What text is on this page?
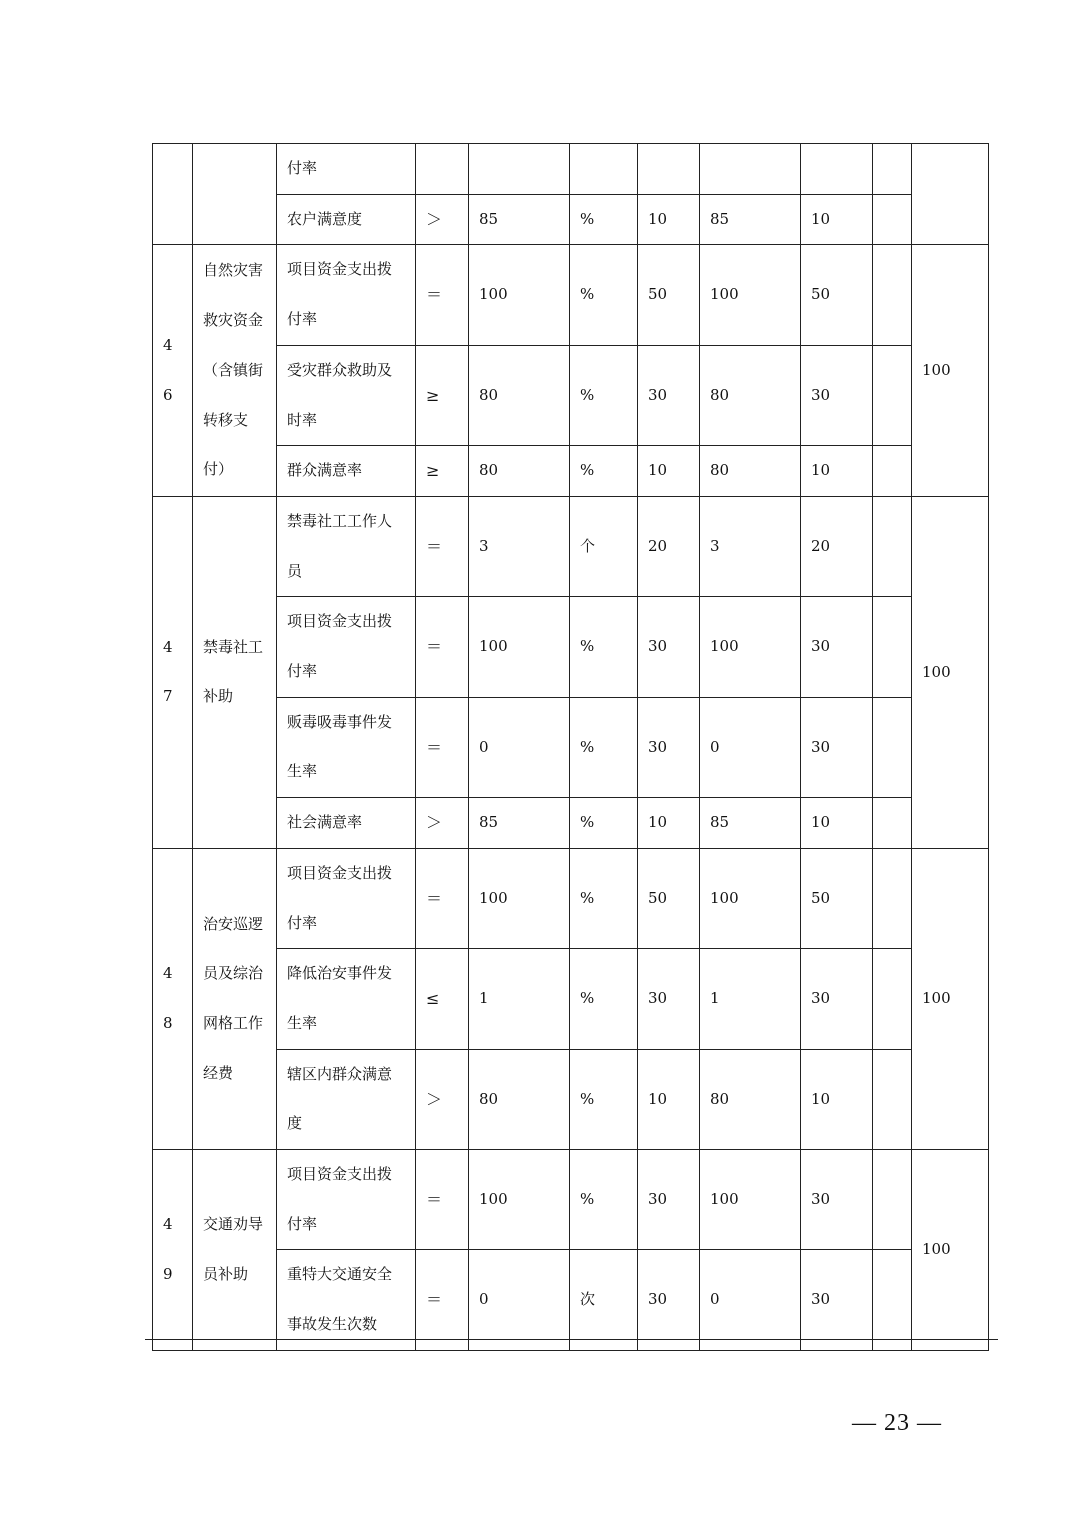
		付率								
		农户满意度	＞	85	%	10	85	10		
46	自然灾害救灾资金（含镇街转移支付）	项目资金支出拨付率	＝	100	%	50	100	50		100
		受灾群众救助及时率	≥	80	%	30	80	30		
		群众满意率	≥	80	%	10	80	10		
47	禁毒社工补助	禁毒社工工作人员	＝	3	个	20	3	20		100
		项目资金支出拨付率	＝	100	%	30	100	30		
		贩毒吸毒事件发生率	＝	0	%	30	0	30		
		社会满意率	＞	85	%	10	85	10		
48	治安巡逻员及综治网格工作经费	项目资金支出拨付率	＝	100	%	50	100	50		100
		降低治安事件发生率	≤	1	%	30	1	30		
		辖区内群众满意度	＞	80	%	10	80	10		
49	交通劝导员补助	项目资金支出拨付率	＝	100	%	30	100	30		100
		重特大交通安全事故发生次数	＝	0	次	30	0	30		
— 23 —
